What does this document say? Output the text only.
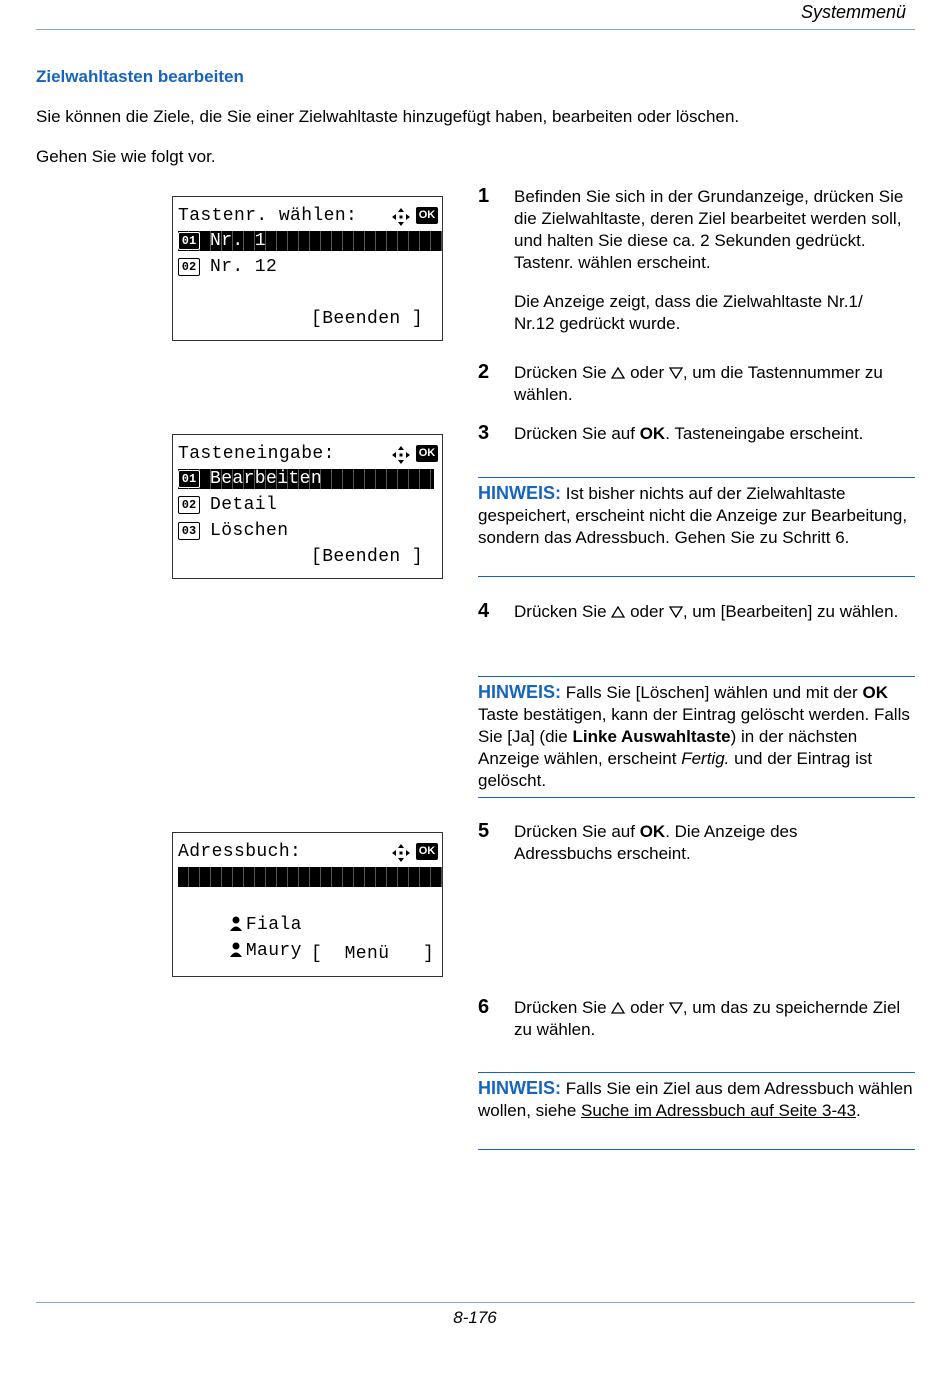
Systemmenü
8-176
Zielwahltasten bearbeiten
Sie können die Ziele, die Sie einer Zielwahltaste hinzugefügt haben, bearbeiten oder löschen.
Gehen Sie wie folgt vor.
Tastenr. wählen:	OK
01 Nr. 1
02 Nr. 12
[Beenden ]
Tasteneingabe:	OK
01 Bearbeiten
02 Detail
03 Löschen
[Beenden ]
Adressbuch:	OK

Design

Fiala

Maury [  Menü   ]
1 Befinden Sie sich in der Grundanzeige, drücken Sie die Zielwahltaste, deren Ziel bearbeitet werden soll, und halten Sie diese ca. 2 Sekunden gedrückt. Tastenr. wählen erscheint.
Die Anzeige zeigt, dass die Zielwahltaste Nr.1/ Nr.12 gedrückt wurde.
2 Drücken Sie oder , um die Tastennummer zu wählen.
3 Drücken Sie auf OK. Tasteneingabe erscheint.
HINWEIS: Ist bisher nichts auf der Zielwahltaste gespeichert, erscheint nicht die Anzeige zur Bearbeitung, sondern das Adressbuch. Gehen Sie zu Schritt 6.
4 Drücken Sie oder , um [Bearbeiten] zu wählen.
HINWEIS: Falls Sie [Löschen] wählen und mit der OK Taste bestätigen, kann der Eintrag gelöscht werden. Falls Sie [Ja] (die Linke Auswahltaste) in der nächsten Anzeige wählen, erscheint Fertig. und der Eintrag ist gelöscht.
5 Drücken Sie auf OK. Die Anzeige des Adressbuchs erscheint.
6 Drücken Sie oder , um das zu speichernde Ziel zu wählen.
HINWEIS: Falls Sie ein Ziel aus dem Adressbuch wählen wollen, siehe Suche im Adressbuch auf Seite 3-43.
